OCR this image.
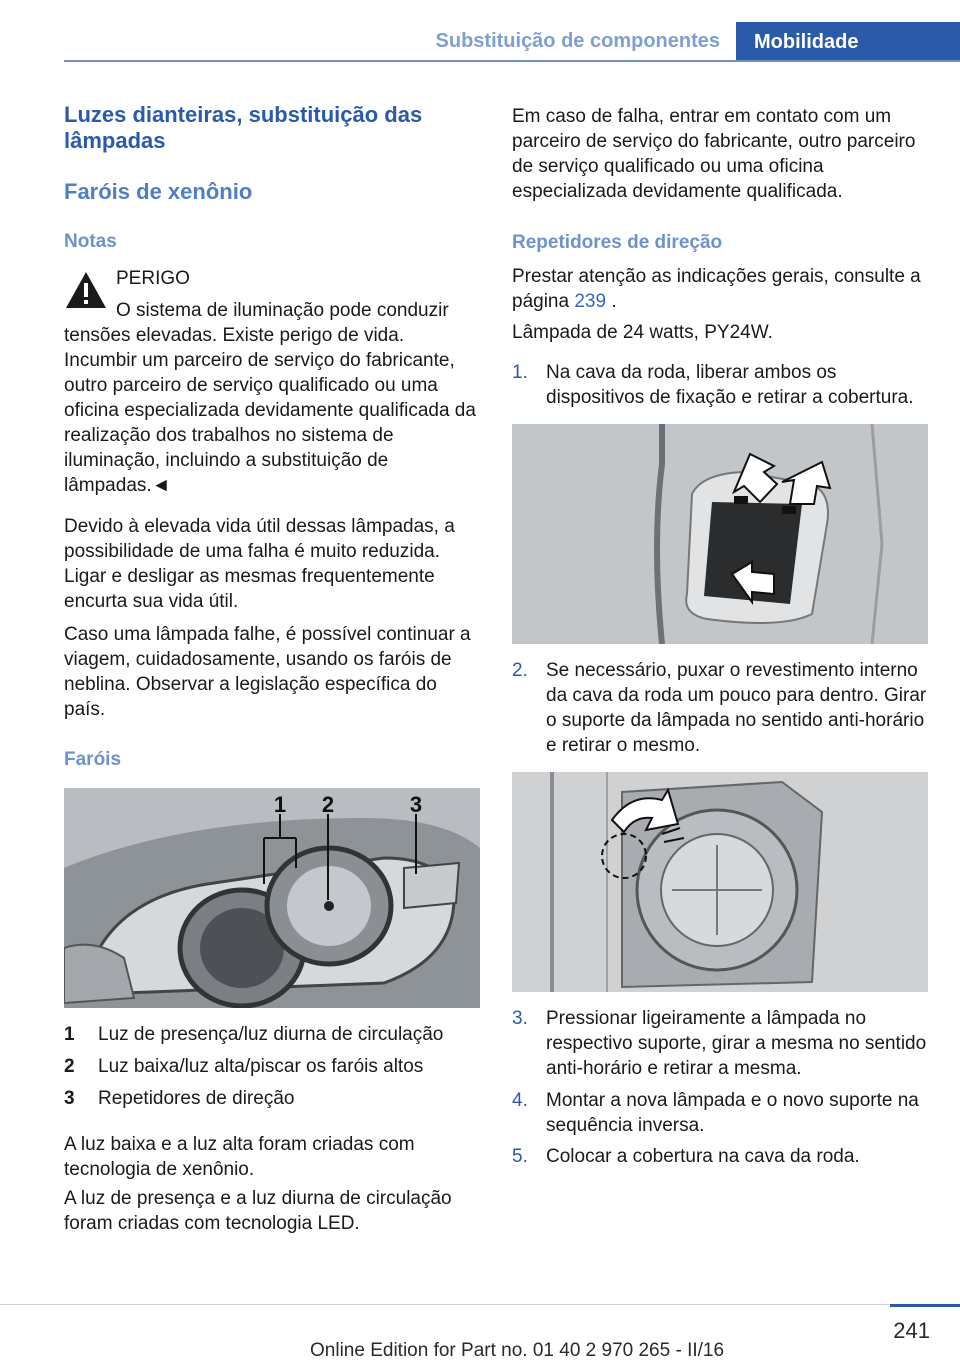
Substituição de componentes	Mobilidade
Luzes dianteiras, substituição das lâmpadas
Faróis de xenônio
Notas
PERIGO
O sistema de iluminação pode conduzir tensões elevadas. Existe perigo de vida. Incumbir um parceiro de serviço do fabricante, outro parceiro de serviço qualificado ou uma oficina especializada devidamente qualificada da realização dos trabalhos no sistema de iluminação, incluindo a substituição de lâmpadas.◄
Devido à elevada vida útil dessas lâmpadas, a possibilidade de uma falha é muito reduzida. Ligar e desligar as mesmas frequentemente encurta sua vida útil.
Caso uma lâmpada falhe, é possível continuar a viagem, cuidadosamente, usando os faróis de neblina. Observar a legislação específica do país.
Faróis
1 2	3
1 Luz de presença/luz diurna de circulação
2 Luz baixa/luz alta/piscar os faróis altos
3 Repetidores de direção
A luz baixa e a luz alta foram criadas com tecnologia de xenônio.
A luz de presença e a luz diurna de circulação foram criadas com tecnologia LED.
Em caso de falha, entrar em contato com um parceiro de serviço do fabricante, outro parceiro de serviço qualificado ou uma oficina especializada devidamente qualificada.
Repetidores de direção
Prestar atenção as indicações gerais, consulte a página 239 .
Lâmpada de 24 watts, PY24W.
1. Na cava da roda, liberar ambos os dispositivos de fixação e retirar a cobertura.
2. Se necessário, puxar o revestimento interno da cava da roda um pouco para dentro. Girar o suporte da lâmpada no sentido anti-horário e retirar o mesmo.
3. Pressionar ligeiramente a lâmpada no respectivo suporte, girar a mesma no sentido anti-horário e retirar a mesma.
4. Montar a nova lâmpada e o novo suporte na sequência inversa.
5. Colocar a cobertura na cava da roda.
241
Online Edition for Part no. 01 40 2 970 265 - II/16
